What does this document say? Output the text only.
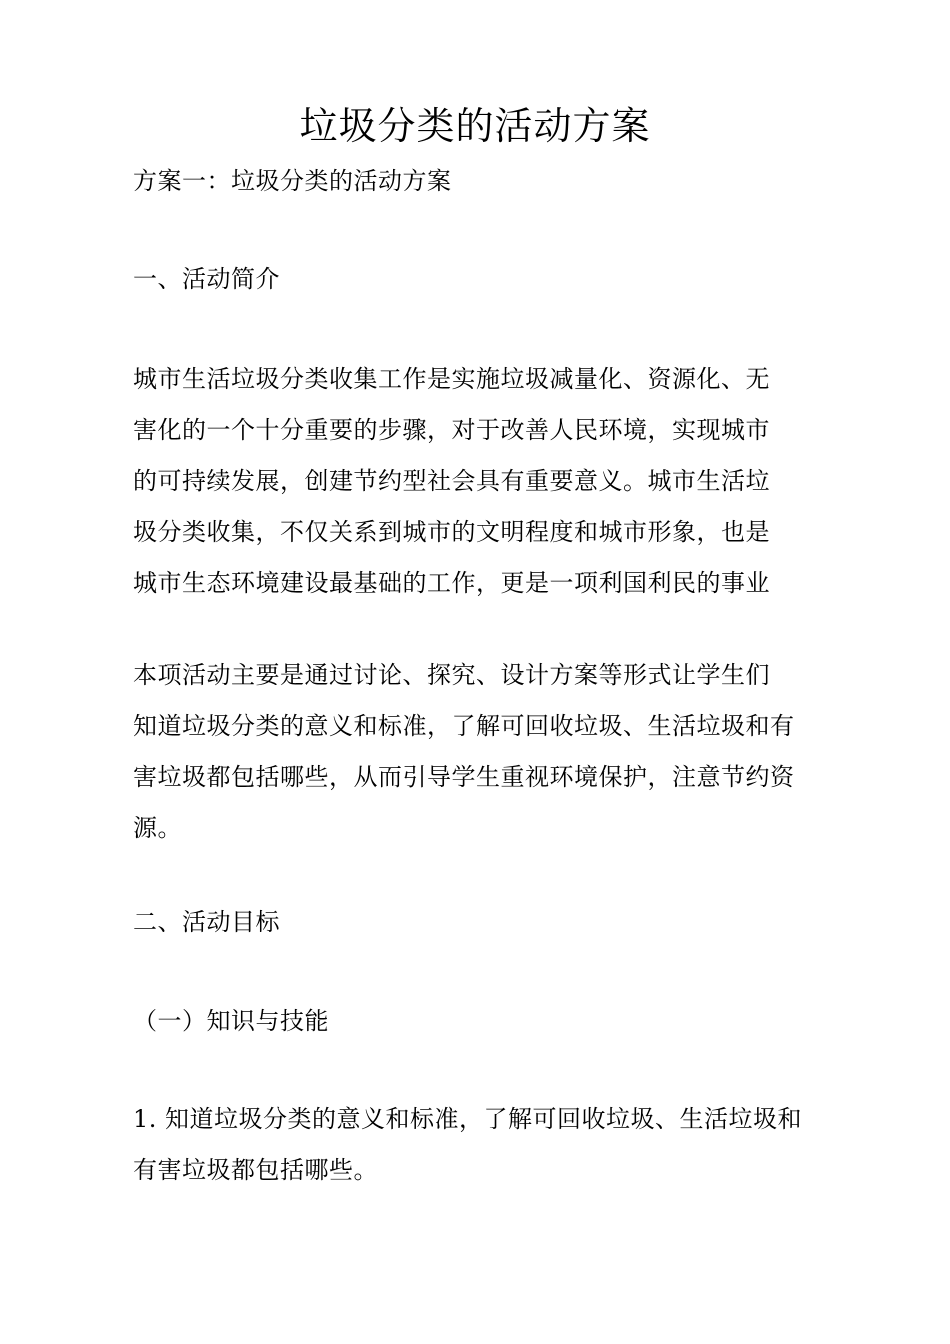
垃圾分类的活动方案
方案一：垃圾分类的活动方案
一、活动简介
城市生活垃圾分类收集工作是实施垃圾减量化、资源化、无
害化的一个十分重要的步骤，对于改善人民环境，实现城市
的可持续发展，创建节约型社会具有重要意义。城市生活垃
圾分类收集，不仅关系到城市的文明程度和城市形象，也是
城市生态环境建设最基础的工作，更是一项利国利民的事业
本项活动主要是通过讨论、探究、设计方案等形式让学生们
知道垃圾分类的意义和标准，了解可回收垃圾、生活垃圾和有
害垃圾都包括哪些，从而引导学生重视环境保护，注意节约资
源。
二、活动目标
（一）知识与技能
1. 知道垃圾分类的意义和标准，了解可回收垃圾、生活垃圾和
有害垃圾都包括哪些。
